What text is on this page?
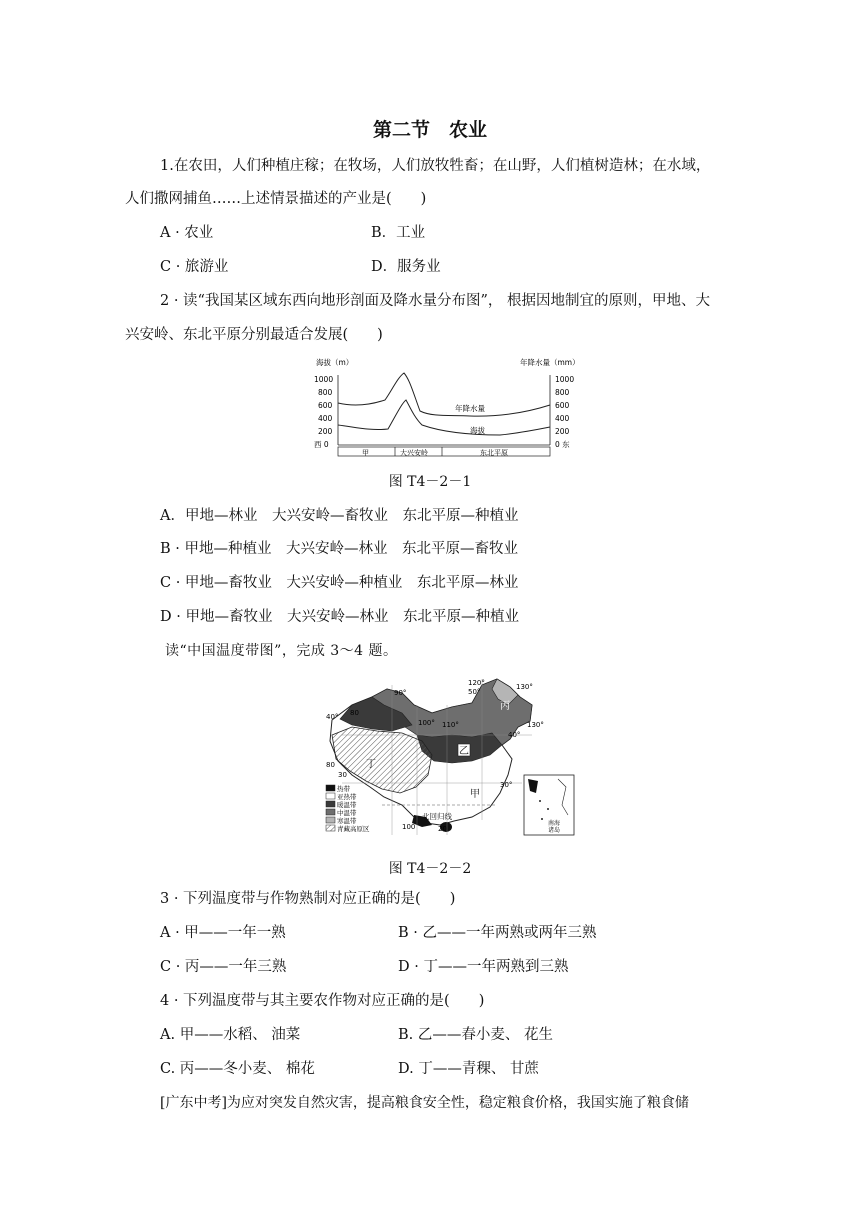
第二节　农业
1.在农田，人们种植庄稼；在牧场，人们放牧牲畜；在山野，人们植树造林；在水域，
人们撒网捕鱼……上述情景描述的产业是(　　)
A · 农业	B．工业
C · 旅游业	D．服务业
2 · 读“我国某区域东西向地形剖面及降水量分布图”， 根据因地制宜的原则，甲地、大
兴安岭、东北平原分别最适合发展(　　)
海拔（m）	年降水量（mm）
1000
800
600
400
200
西 0
1000
800
600
400
200
0 东
年降水量
海拔
甲	大兴安岭	东北平原
图 T4－2－1
A．甲地—林业　大兴安岭—畜牧业　东北平原—种植业
B · 甲地—种植业　大兴安岭—林业　东北平原—畜牧业
C · 甲地—畜牧业　大兴安岭—种植业　东北平原—林业
D · 甲地—畜牧业　大兴安岭—林业　东北平原—种植业
读“中国温度带图”，完成 3～4 题。
甲
乙
丙
丁
北回归线
90°
100° 110°
120°	130°
130°
50°
40°
40°
80
80
30
30°
100	20
热带
亚热带
暖温带
中温带
寒温带
青藏高原区
南海
诸岛
图 T4－2－2
3 · 下列温度带与作物熟制对应正确的是(　　)
A · 甲——一年一熟	B · 乙——一年两熟或两年三熟
C · 丙——一年三熟	D · 丁——一年两熟到三熟
4 · 下列温度带与其主要农作物对应正确的是(　　)
A. 甲——水稻、 油菜	B. 乙——春小麦、 花生
C. 丙——冬小麦、 棉花	D. 丁——青稞、 甘蔗
[广东中考]为应对突发自然灾害，提高粮食安全性，稳定粮食价格，我国实施了粮食储
